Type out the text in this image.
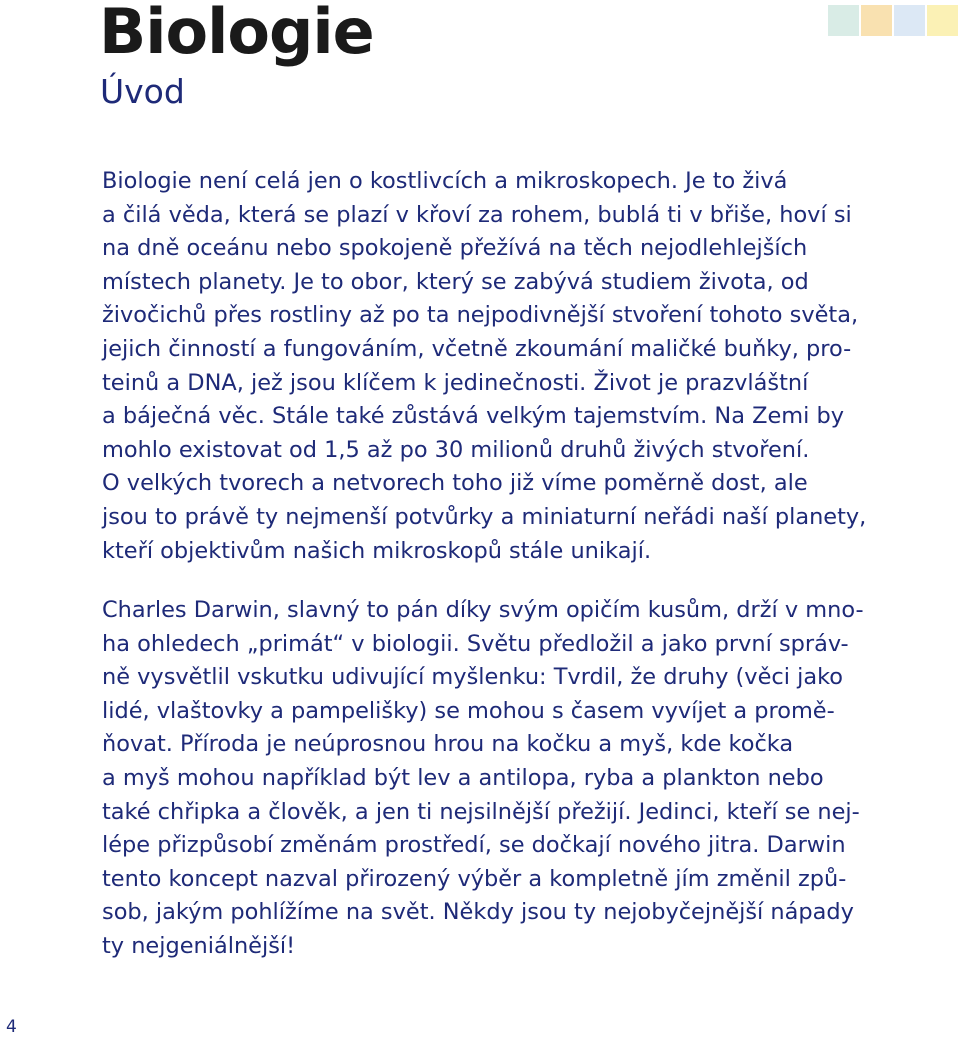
Biologie
Úvod
Biologie není celá jen o kostlivcích a mikroskopech. Je to živá
a čilá věda, která se plazí v křoví za rohem, bublá ti v břiše, hoví si
na dně oceánu nebo spokojeně přežívá na těch nejodlehlejších
místech planety. Je to obor, který se zabývá studiem života, od
živočichů přes rostliny až po ta nejpodivnější stvoření tohoto světa,
jejich činností a fungováním, včetně zkoumání maličké buňky, pro-
teinů a DNA, jež jsou klíčem k jedinečnosti. Život je prazvláštní
a báječná věc. Stále také zůstává velkým tajemstvím. Na Zemi by
mohlo existovat od 1,5 až po 30 milionů druhů živých stvoření.
O velkých tvorech a netvorech toho již víme poměrně dost, ale
jsou to právě ty nejmenší potvůrky a miniaturní neřádi naší planety,
kteří objektivům našich mikroskopů stále unikají.
Charles Darwin, slavný to pán díky svým opičím kusům, drží v mno-
ha ohledech „primát“ v biologii. Světu předložil a jako první správ-
ně vysvětlil vskutku udivující myšlenku: Tvrdil, že druhy (věci jako
lidé, vlaštovky a pampelišky) se mohou s časem vyvíjet a promě-
ňovat. Příroda je neúprosnou hrou na kočku a myš, kde kočka
a myš mohou například být lev a antilopa, ryba a plankton nebo
také chřipka a člověk, a jen ti nejsilnější přežijí. Jedinci, kteří se nej-
lépe přizpůsobí změnám prostředí, se dočkají nového jitra. Darwin
tento koncept nazval přirozený výběr a kompletně jím změnil způ-
sob, jakým pohlížíme na svět. Někdy jsou ty nejobyčejnější nápady
ty nejgeniálnější!
4
